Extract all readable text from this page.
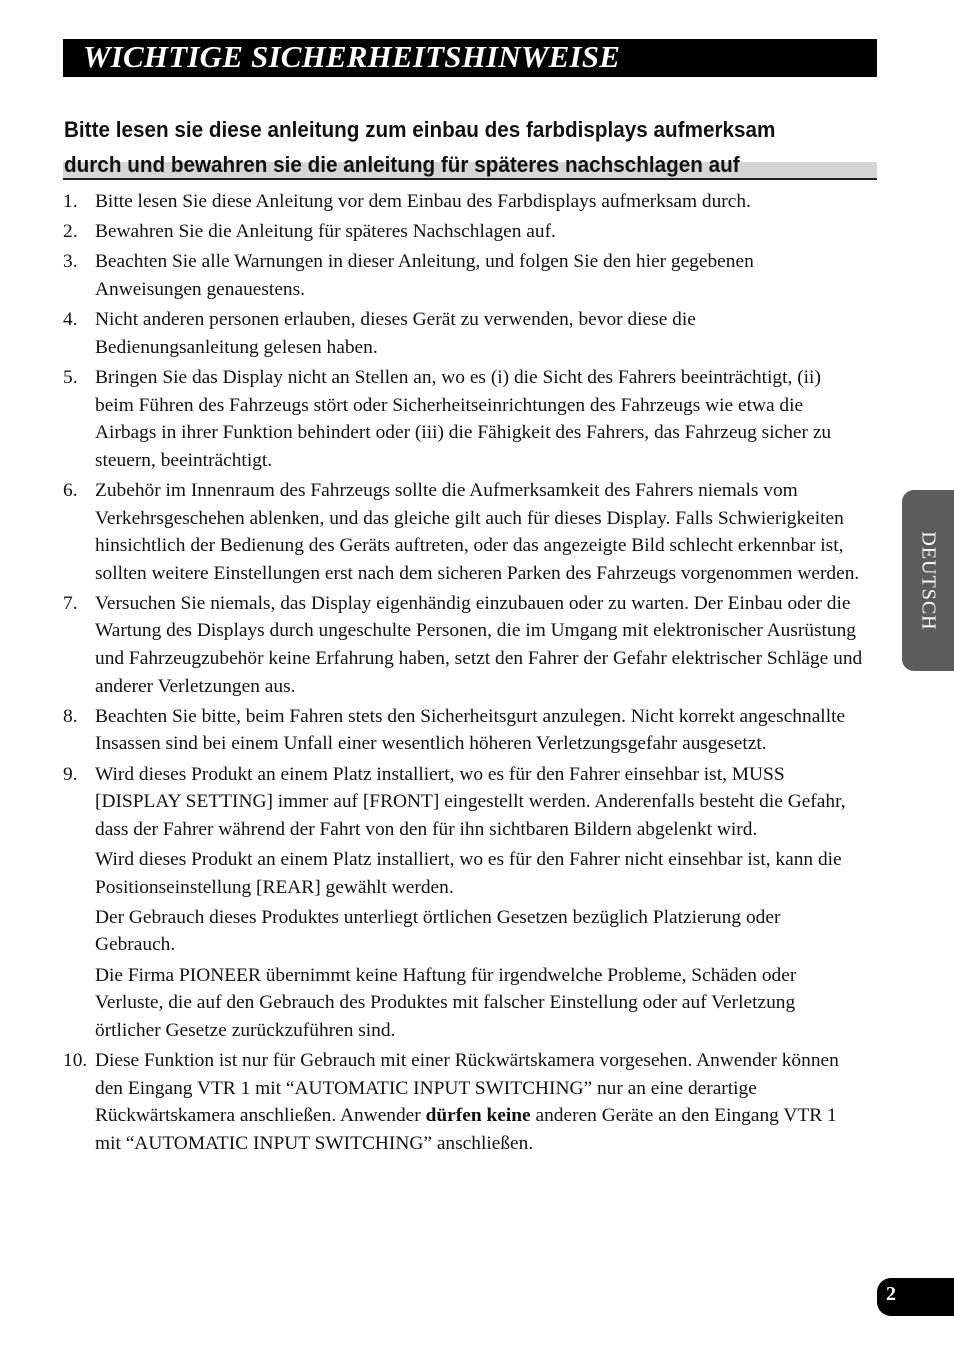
WICHTIGE SICHERHEITSHINWEISE
Bitte lesen sie diese anleitung zum einbau des farbdisplays aufmerksam
durch und bewahren sie die anleitung für späteres nachschlagen auf
1. Bitte lesen Sie diese Anleitung vor dem Einbau des Farbdisplays aufmerksam durch.

2. Bewahren Sie die Anleitung für späteres Nachschlagen auf.

3. Beachten Sie alle Warnungen in dieser Anleitung, und folgen Sie den hier gegebenen Anweisungen genauestens.

4. Nicht anderen personen erlauben, dieses Gerät zu verwenden, bevor diese die Bedienungsanleitung gelesen haben.

5. Bringen Sie das Display nicht an Stellen an, wo es (i) die Sicht des Fahrers beeinträchtigt, (ii) beim Führen des Fahrzeugs stört oder Sicherheitseinrichtungen des Fahrzeugs wie etwa die Airbags in ihrer Funktion behindert oder (iii) die Fähigkeit des Fahrers, das Fahrzeug sicher zu steuern, beeinträchtigt.

6. Zubehör im Innenraum des Fahrzeugs sollte die Aufmerksamkeit des Fahrers niemals vom Verkehrsgeschehen ablenken, und das gleiche gilt auch für dieses Display. Falls Schwierigkeiten hinsichtlich der Bedienung des Geräts auftreten, oder das angezeigte Bild schlecht erkennbar ist, sollten weitere Einstellungen erst nach dem sicheren Parken des Fahrzeugs vorgenommen werden.

7. Versuchen Sie niemals, das Display eigenhändig einzubauen oder zu warten. Der Einbau oder die Wartung des Displays durch ungeschulte Personen, die im Umgang mit elektronischer Ausrüstung und Fahrzeugzubehör keine Erfahrung haben, setzt den Fahrer der Gefahr elektrischer Schläge und anderer Verletzungen aus.

8. Beachten Sie bitte, beim Fahren stets den Sicherheitsgurt anzulegen. Nicht korrekt angeschnallte Insassen sind bei einem Unfall einer wesentlich höheren Verletzungsgefahr ausgesetzt.

9. Wird dieses Produkt an einem Platz installiert, wo es für den Fahrer einsehbar ist, MUSS [DISPLAY SETTING] immer auf [FRONT] eingestellt werden. Anderenfalls besteht die Gefahr, dass der Fahrer während der Fahrt von den für ihn sichtbaren Bildern abgelenkt wird.

Wird dieses Produkt an einem Platz installiert, wo es für den Fahrer nicht einsehbar ist, kann die Positionseinstellung [REAR] gewählt werden.

Der Gebrauch dieses Produktes unterliegt örtlichen Gesetzen bezüglich Platzierung oder Gebrauch.

Die Firma PIONEER übernimmt keine Haftung für irgendwelche Probleme, Schäden oder Verluste, die auf den Gebrauch des Produktes mit falscher Einstellung oder auf Verletzung örtlicher Gesetze zurückzuführen sind.

10. Diese Funktion ist nur für Gebrauch mit einer Rückwärtskamera vorgesehen. Anwender können den Eingang VTR 1 mit “AUTOMATIC INPUT SWITCHING” nur an eine derartige Rückwärtskamera anschließen. Anwender dürfen keine anderen Geräte an den Eingang VTR 1 mit “AUTOMATIC INPUT SWITCHING” anschließen.

DEUTSCH
2
